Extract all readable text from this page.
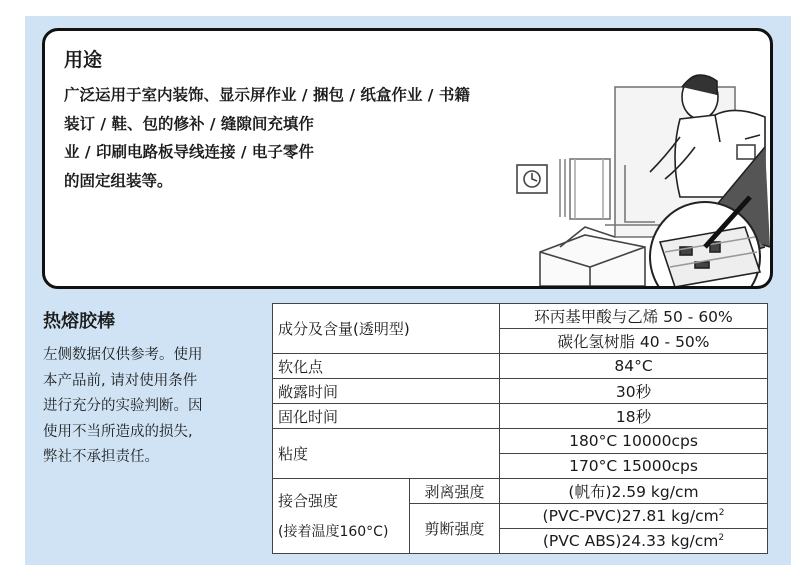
用途

广泛运用于室内装饰、显示屏作业 / 捆包 / 纸盒作业 / 书籍
装订 / 鞋、包的修补 / 缝隙间充填作
业 / 印刷电路板导线连接 / 电子零件
的固定组装等。

热熔胶棒

左侧数据仅供参考。使用
本产品前, 请对使用条件
进行充分的实验判断。因
使用不当所造成的损失,
弊社不承担责任。

成分及含量(透明型)		环丙基甲酸与乙烯 50 - 60%
		碳化氢树脂 40 - 50%
软化点		84°C
敞露时间		30秒
固化时间		18秒
粘度		180°C 10000cps
		170°C 15000cps
接合强度
(接着温度160°C)	剥离强度	(帆布)2.59 kg/cm
	剪断强度	(PVC-PVC)27.81 $kg/cm^2$
		(PVC ABS)24.33 $kg/cm^2$
